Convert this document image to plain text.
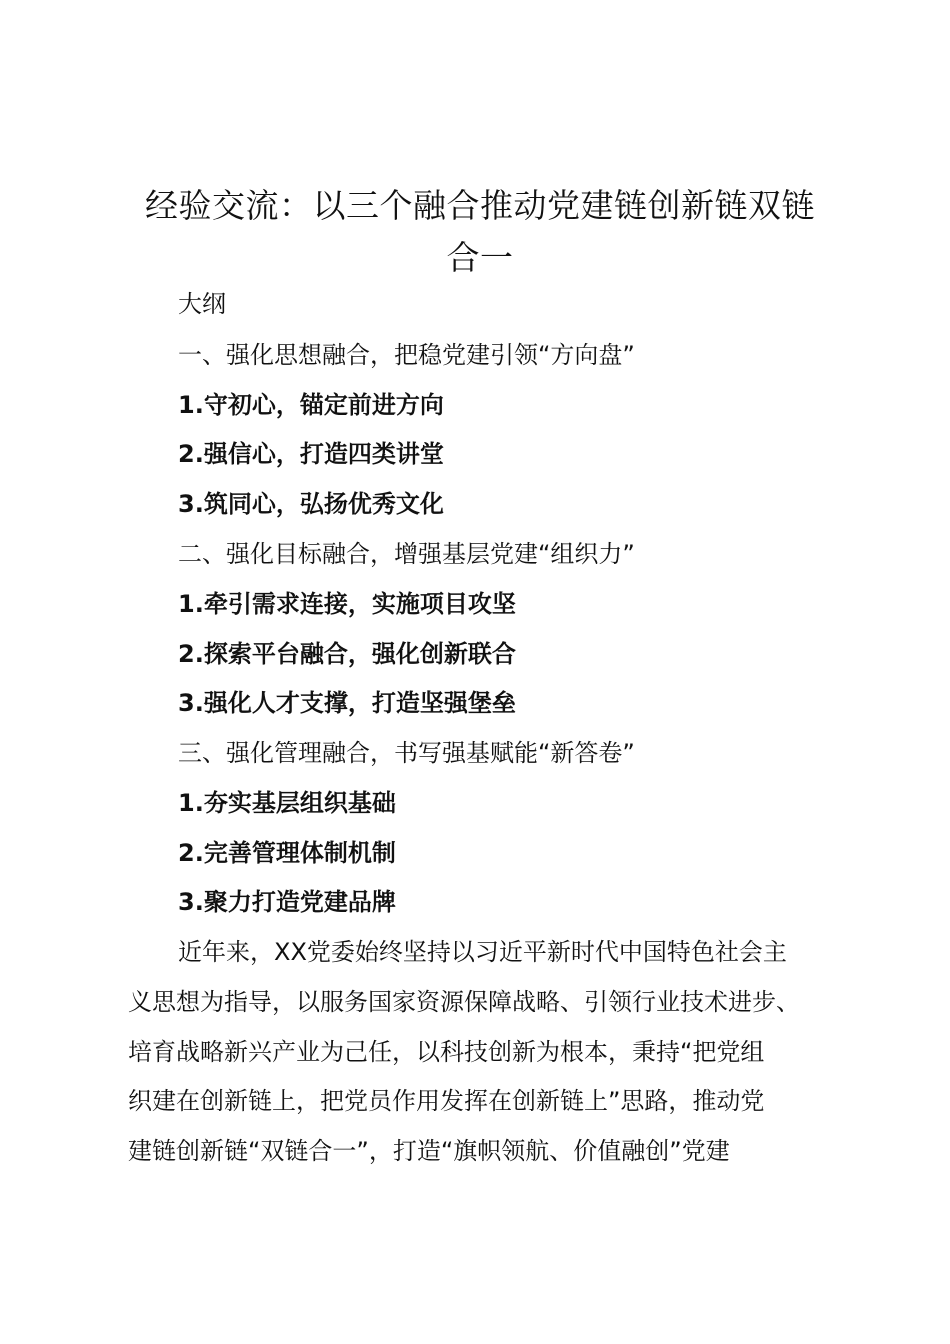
经验交流：以三个融合推动党建链创新链双链
合一
大纲
一、强化思想融合，把稳党建引领“方向盘”
1.守初心，锚定前进方向
2.强信心，打造四类讲堂
3.筑同心，弘扬优秀文化
二、强化目标融合，增强基层党建“组织力”
1.牵引需求连接，实施项目攻坚
2.探索平台融合，强化创新联合
3.强化人才支撑，打造坚强堡垒
三、强化管理融合，书写强基赋能“新答卷”
1.夯实基层组织基础
2.完善管理体制机制
3.聚力打造党建品牌
近年来，XX党委始终坚持以习近平新时代中国特色社会主
义思想为指导，以服务国家资源保障战略、引领行业技术进步、
培育战略新兴产业为己任，以科技创新为根本，秉持“把党组
织建在创新链上，把党员作用发挥在创新链上”思路，推动党
建链创新链“双链合一”，打造“旗帜领航、价值融创”党建
